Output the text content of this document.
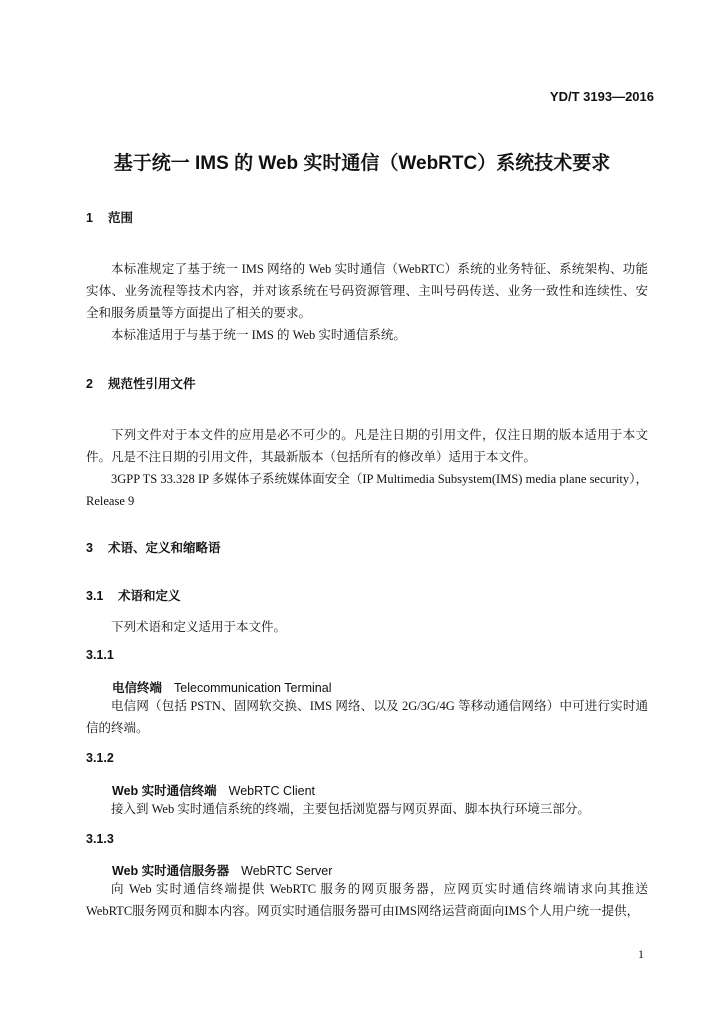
YD/T 3193—2016
基于统一 IMS 的 Web 实时通信（WebRTC）系统技术要求
1 范围

本标准规定了基于统一 IMS 网络的 Web 实时通信（WebRTC）系统的业务特征、系统架构、功能实体、业务流程等技术内容，并对该系统在号码资源管理、主叫号码传送、业务一致性和连续性、安全和服务质量等方面提出了相关的要求。

本标准适用于与基于统一 IMS 的 Web 实时通信系统。

2 规范性引用文件

下列文件对于本文件的应用是必不可少的。凡是注日期的引用文件，仅注日期的版本适用于本文件。凡是不注日期的引用文件，其最新版本（包括所有的修改单）适用于本文件。

3GPP TS 33.328 IP 多媒体子系统媒体面安全（IP Multimedia Subsystem(IMS) media plane security），Release 9

3 术语、定义和缩略语
3.1 术语和定义

下列术语和定义适用于本文件。

3.1.1
电信终端 Telecommunication Terminal

电信网（包括 PSTN、固网软交换、IMS 网络、以及 2G/3G/4G 等移动通信网络）中可进行实时通信的终端。

3.1.2
Web 实时通信终端 WebRTC Client

接入到 Web 实时通信系统的终端，主要包括浏览器与网页界面、脚本执行环境三部分。

3.1.3
Web 实时通信服务器 WebRTC Server

向 Web 实时通信终端提供 WebRTC 服务的网页服务器，应网页实时通信终端请求向其推送WebRTC服务网页和脚本内容。网页实时通信服务器可由IMS网络运营商面向IMS个人用户统一提供，

1
